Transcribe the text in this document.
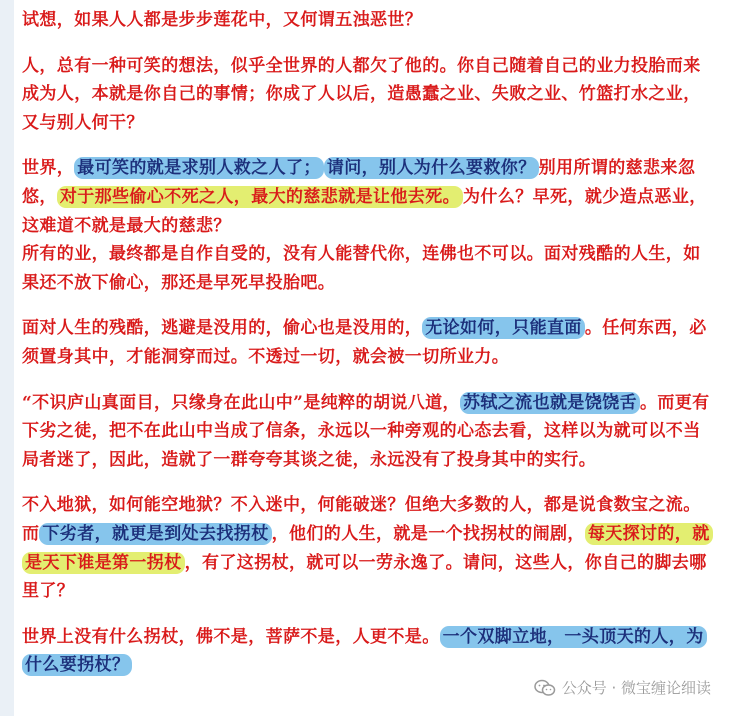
试想，如果人人都是步步莲花中，又何谓五浊恶世？

人，总有一种可笑的想法，似乎全世界的人都欠了他的。你自己随着自己的业力投胎而来成为人，本就是你自己的事情；你成了人以后，造愚蠢之业、失败之业、竹篮打水之业，又与别人何干？

世界， 最可笑的就是求别人救之人了； 请问，别人为什么要救你？ 别用所谓的慈悲来忽悠， 对于那些偷心不死之人，最大的慈悲就是让他去死。 为什么？早死，就少造点恶业，这难道不就是最大的慈悲？
所有的业，最终都是自作自受的，没有人能替代你，连佛也不可以。面对残酷的人生，如果还不放下偷心，那还是早死早投胎吧。

面对人生的残酷，逃避是没用的，偷心也是没用的， 无论如何，只能直面 。任何东西，必须置身其中，才能洞穿而过。不透过一切，就会被一切所业力。

“不识庐山真面目，只缘身在此山中”是纯粹的胡说八道， 苏轼之流也就是饶饶舌 。而更有下劣之徒，把不在此山中当成了信条，永远以一种旁观的心态去看，这样以为就可以不当局者迷了，因此，造就了一群夸夸其谈之徒，永远没有了投身其中的实行。

不入地狱，如何能空地狱？不入迷中，何能破迷？但绝大多数的人，都是说食数宝之流。而 下劣者，就更是到处去找拐杖 ，他们的人生，就是一个找拐杖的闹剧， 每天探讨的，就是天下谁是第一拐杖 ，有了这拐杖，就可以一劳永逸了。请问，这些人，你自己的脚去哪里了？

世界上没有什么拐杖，佛不是，菩萨不是，人更不是。 一个双脚立地，一头顶天的人，为什么要拐杖？

公众号 · 微宝缠论细读
